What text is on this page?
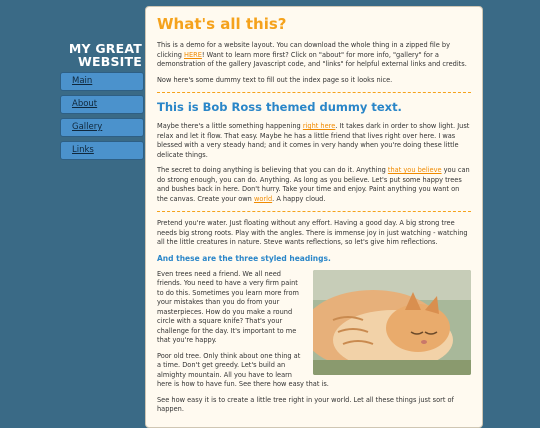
MY GREAT WEBSITE
Main
About
Gallery
Links
What's all this?

This is a demo for a website layout. You can download the whole thing in a zipped file by clicking HERE! Want to learn more first? Click on "about" for more info, "gallery" for a demonstration of the gallery Javascript code, and "links" for helpful external links and credits.

Now here's some dummy text to fill out the index page so it looks nice.

This is Bob Ross themed dummy text.

Maybe there's a little something happening right here. It takes dark in order to show light. Just relax and let it flow. That easy. Maybe he has a little friend that lives right over here. I was blessed with a very steady hand; and it comes in very handy when you're doing these little delicate things.

The secret to doing anything is believing that you can do it. Anything that you believe you can do strong enough, you can do. Anything. As long as you believe. Let's put some happy trees and bushes back in here. Don't hurry. Take your time and enjoy. Paint anything you want on the canvas. Create your own world. A happy cloud.

Pretend you're water. Just floating without any effort. Having a good day. A big strong tree needs big strong roots. Play with the angles. There is immense joy in just watching - watching all the little creatures in nature. Steve wants reflections, so let's give him reflections.

And these are the three styled headings.

Even trees need a friend. We all need friends. You need to have a very firm paint to do this. Sometimes you learn more from your mistakes than you do from your masterpieces. How do you make a round circle with a square knife? That's your challenge for the day. It's important to me that you're happy.

Poor old tree. Only think about one thing at a time. Don't get greedy. Let's build an almighty mountain. All you have to learn here is how to have fun. See there how easy that is.

See how easy it is to create a little tree right in your world. Let all these things just sort of happen.
